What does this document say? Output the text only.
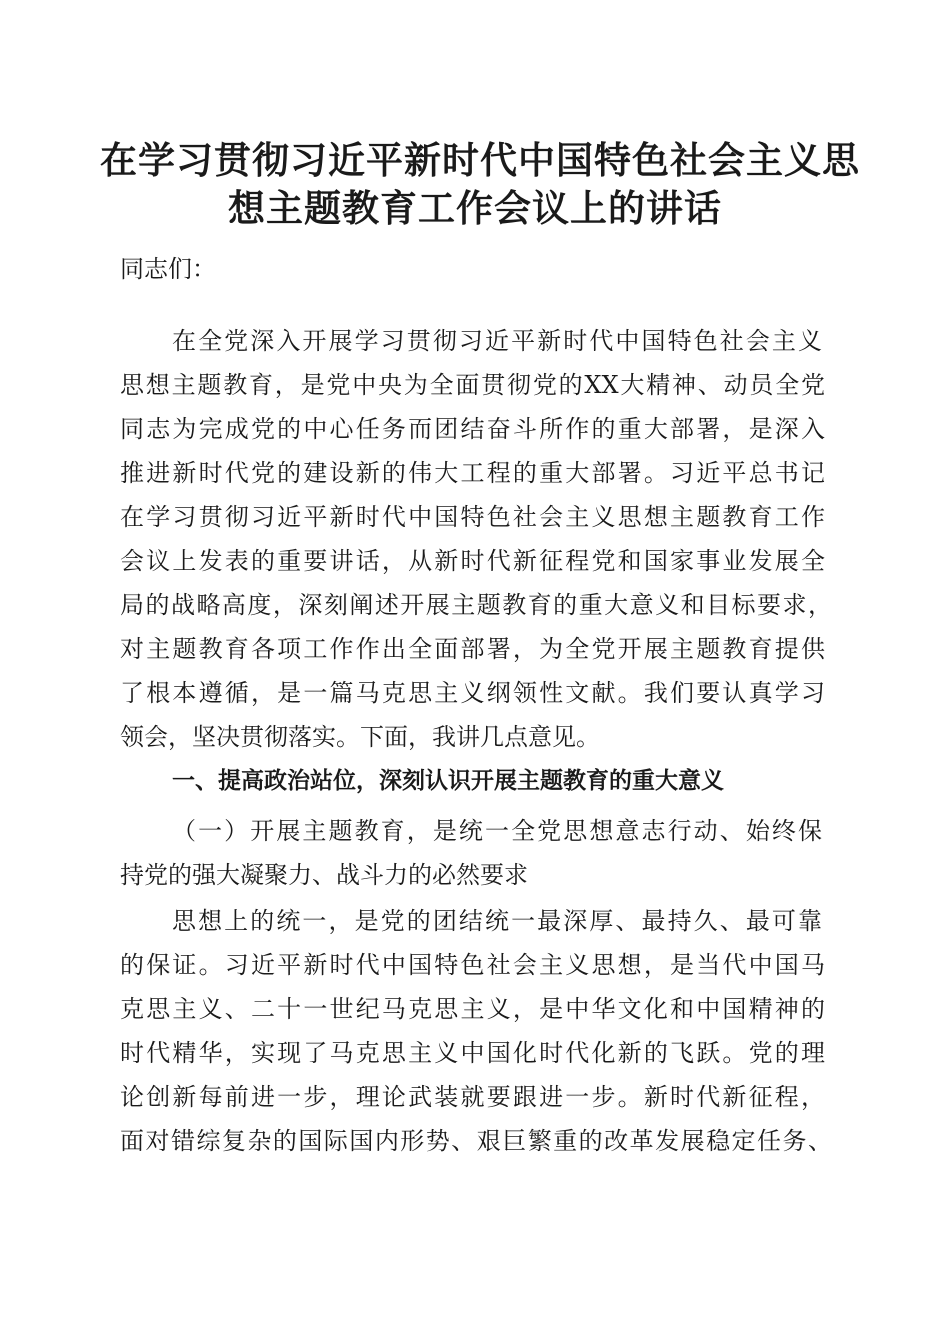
在学习贯彻习近平新时代中国特色社会主义思
想主题教育工作会议上的讲话
同志们：
在全党深入开展学习贯彻习近平新时代中国特色社会主义
思想主题教育，是党中央为全面贯彻党的XX大精神、动员全党
同志为完成党的中心任务而团结奋斗所作的重大部署，是深入
推进新时代党的建设新的伟大工程的重大部署。习近平总书记
在学习贯彻习近平新时代中国特色社会主义思想主题教育工作
会议上发表的重要讲话，从新时代新征程党和国家事业发展全
局的战略高度，深刻阐述开展主题教育的重大意义和目标要求，
对主题教育各项工作作出全面部署，为全党开展主题教育提供
了根本遵循，是一篇马克思主义纲领性文献。我们要认真学习
领会，坚决贯彻落实。下面，我讲几点意见。
一、提高政治站位，深刻认识开展主题教育的重大意义
（一）开展主题教育，是统一全党思想意志行动、始终保
持党的强大凝聚力、战斗力的必然要求
思想上的统一，是党的团结统一最深厚、最持久、最可靠
的保证。习近平新时代中国特色社会主义思想，是当代中国马
克思主义、二十一世纪马克思主义，是中华文化和中国精神的
时代精华，实现了马克思主义中国化时代化新的飞跃。党的理
论创新每前进一步，理论武装就要跟进一步。新时代新征程，
面对错综复杂的国际国内形势、艰巨繁重的改革发展稳定任务、
